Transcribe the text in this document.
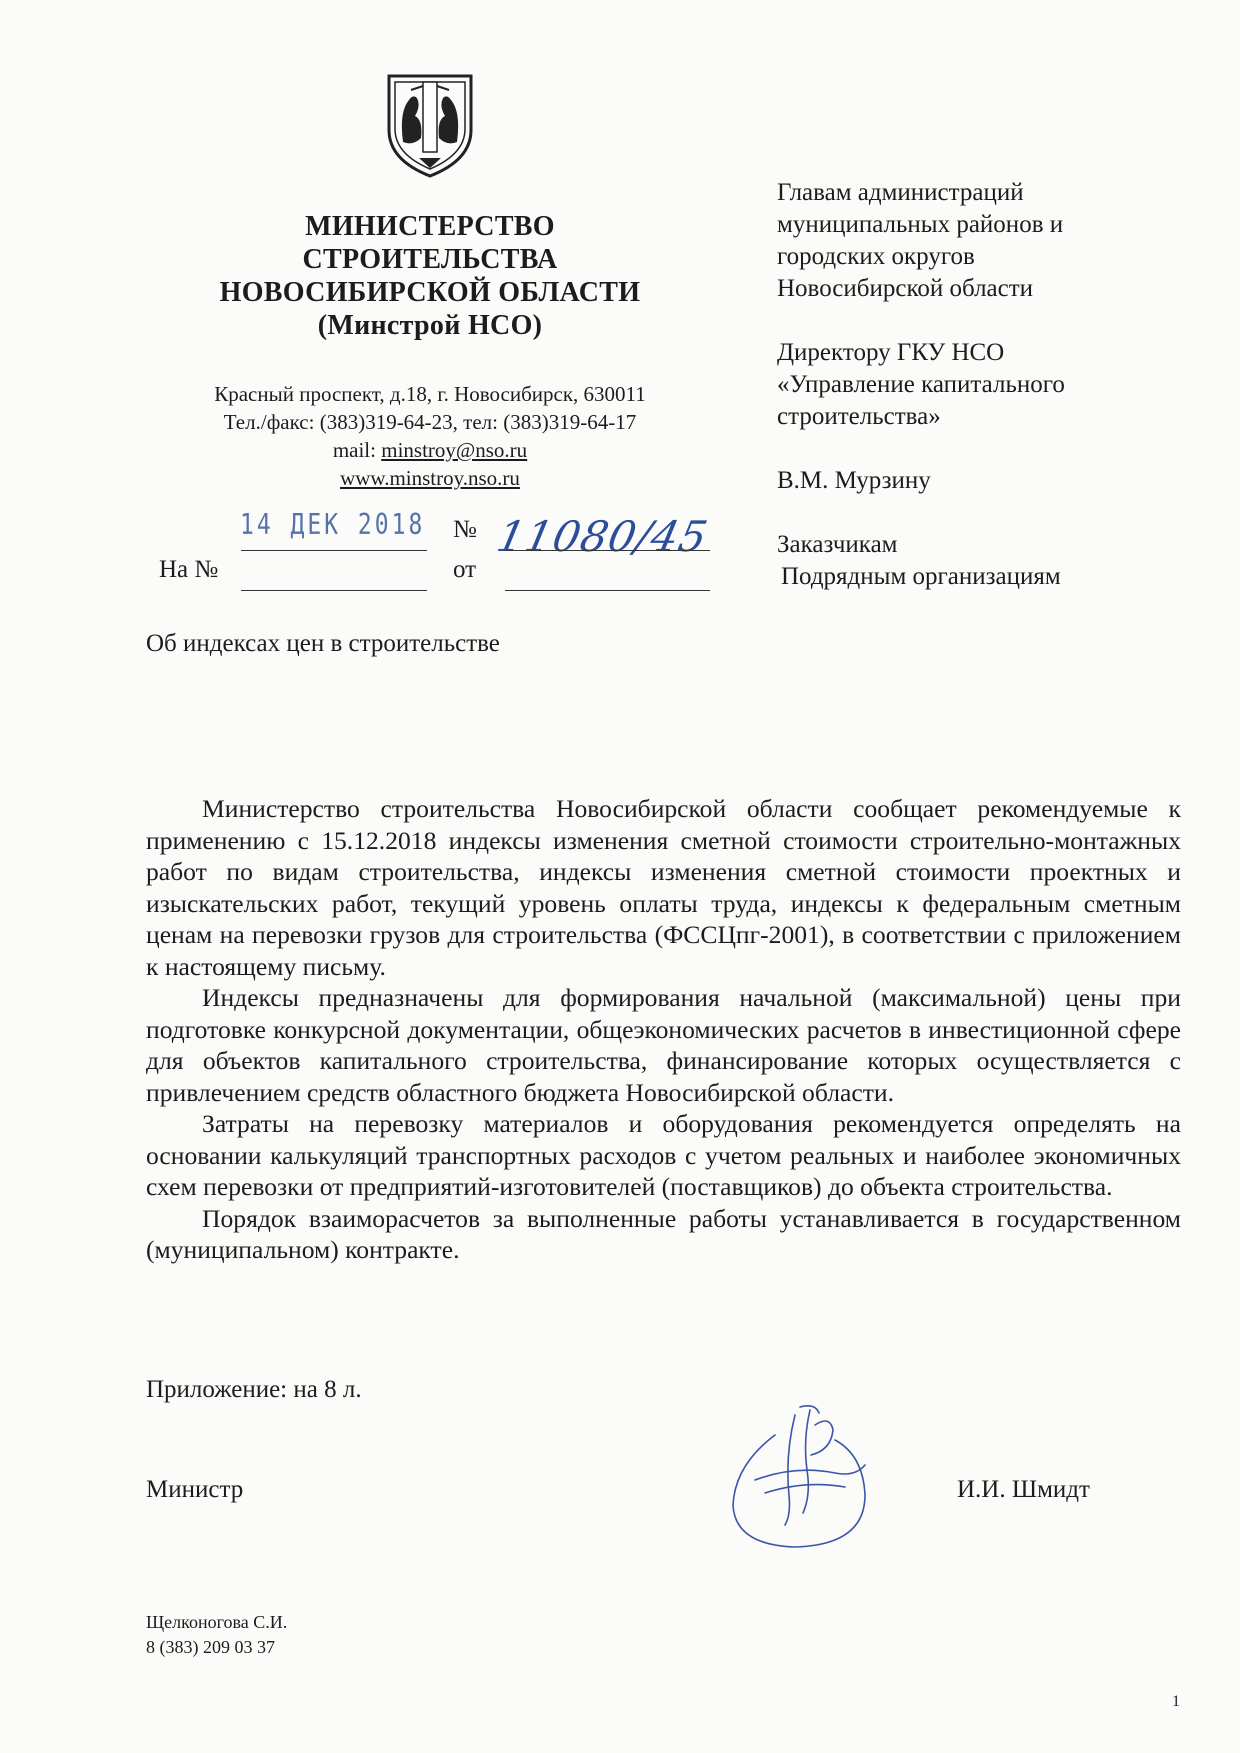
МИНИСТЕРСТВО
СТРОИТЕЛЬСТВА
НОВОСИБИРСКОЙ ОБЛАСТИ
(Минстрой НСО)
Красный проспект, д.18, г. Новосибирск, 630011
Тел./факс: (383)319-64-23, тел: (383)319-64-17
mail: minstroy@nso.ru
www.minstroy.nso.ru
14 ДЕК 2018 № 11080/45
На №	от
Главам администраций
муниципальных районов и
городских округов
Новосибирской области
Директору ГКУ НСО
«Управление капитального
строительства»
В.М. Мурзину
Заказчикам
Подрядным организациям
Об индексах цен в строительстве

Министерство строительства Новосибирской области сообщает рекомендуемые к применению с 15.12.2018 индексы изменения сметной стоимости строительно-монтажных работ по видам строительства, индексы изменения сметной стоимости проектных и изыскательских работ, текущий уровень оплаты труда, индексы к федеральным сметным ценам на перевозки грузов для строительства (ФССЦпг-2001), в соответствии с приложением к настоящему письму.

Индексы предназначены для формирования начальной (максимальной) цены при подготовке конкурсной документации, общеэкономических расчетов в инвестиционной сфере для объектов капитального строительства, финансирование которых осуществляется с привлечением средств областного бюджета Новосибирской области.

Затраты на перевозку материалов и оборудования рекомендуется определять на основании калькуляций транспортных расходов с учетом реальных и наиболее экономичных схем перевозки от предприятий-изготовителей (поставщиков) до объекта строительства.

Порядок взаиморасчетов за выполненные работы устанавливается в государственном (муниципальном) контракте.

Приложение: на 8 л.
Министр	И.И. Шмидт
Щелконогова С.И.
8 (383) 209 03 37
1
